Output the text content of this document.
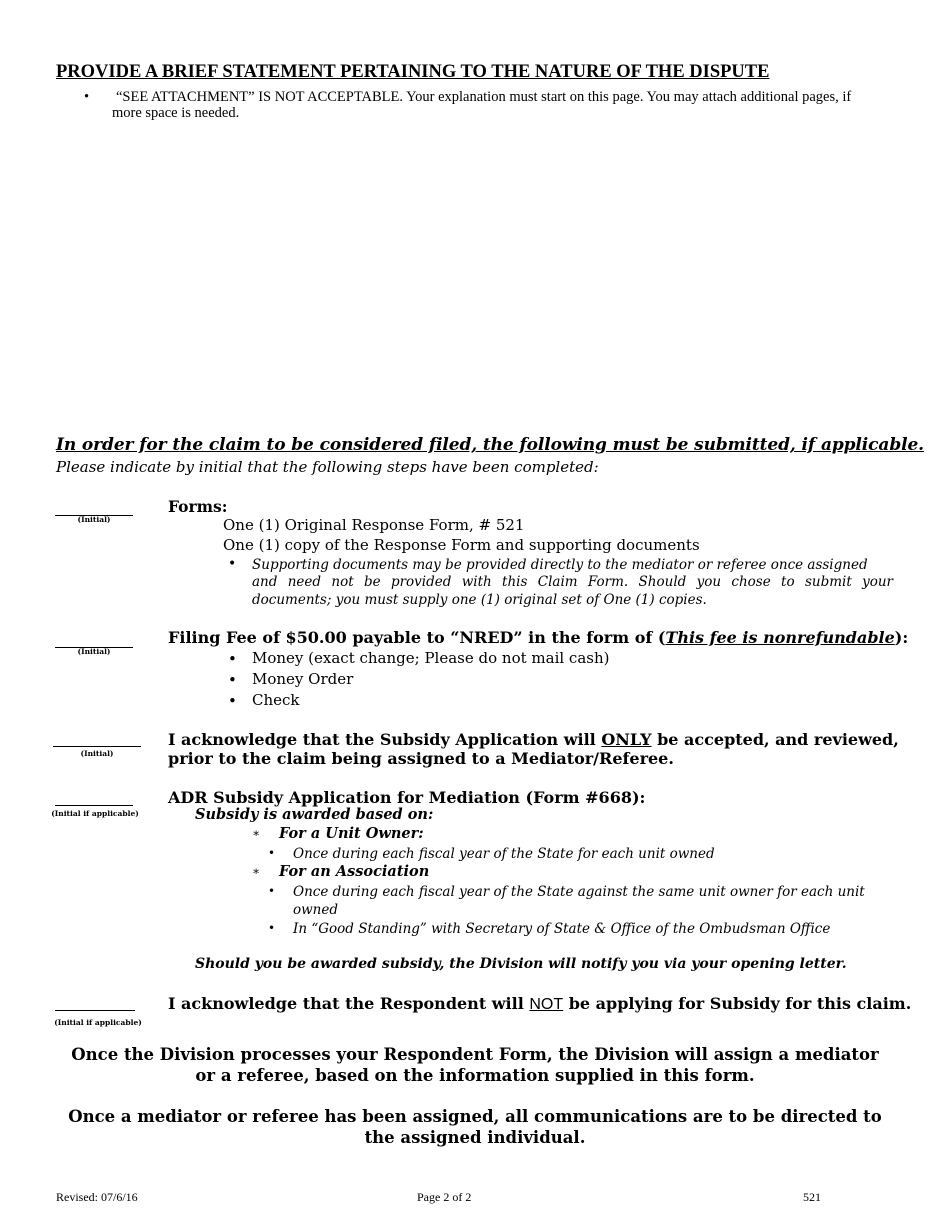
PROVIDE A BRIEF STATEMENT PERTAINING TO THE NATURE OF THE DISPUTE
•	“SEE ATTACHMENT” IS NOT ACCEPTABLE. Your explanation must start on this page. You may attach additional pages, if more space is needed.
In order for the claim to be considered filed, the following must be submitted, if applicable.
Please indicate by initial that the following steps have been completed:
(Initial)
Forms:
One (1) Original Response Form, # 521
One (1) copy of the Response Form and supporting documents
• Supporting documents may be provided directly to the mediator or referee once assigned
and need not be provided with this Claim Form. Should you chose to submit your
documents; you must supply one (1) original set of One (1) copies.
(Initial)
Filing Fee of $50.00 payable to “NRED” in the form of (This fee is nonrefundable):
• Money (exact change; Please do not mail cash)
• Money Order
• Check
(Initial)
I acknowledge that the Subsidy Application will ONLY be accepted, and reviewed,
prior to the claim being assigned to a Mediator/Referee.
(Initial if applicable)
ADR Subsidy Application for Mediation (Form #668):
Subsidy is awarded based on:
∗ For a Unit Owner:
• Once during each fiscal year of the State for each unit owned
∗ For an Association
• Once during each fiscal year of the State against the same unit owner for each unit
owned
• In “Good Standing” with Secretary of State & Office of the Ombudsman Office
Should you be awarded subsidy, the Division will notify you via your opening letter.
(Initial if applicable)
I acknowledge that the Respondent will NOT be applying for Subsidy for this claim.
Once the Division processes your Respondent Form, the Division will assign a mediator
or a referee, based on the information supplied in this form.
Once a mediator or referee has been assigned, all communications are to be directed to
the assigned individual.
Revised: 07/6/16	Page 2 of 2	521
